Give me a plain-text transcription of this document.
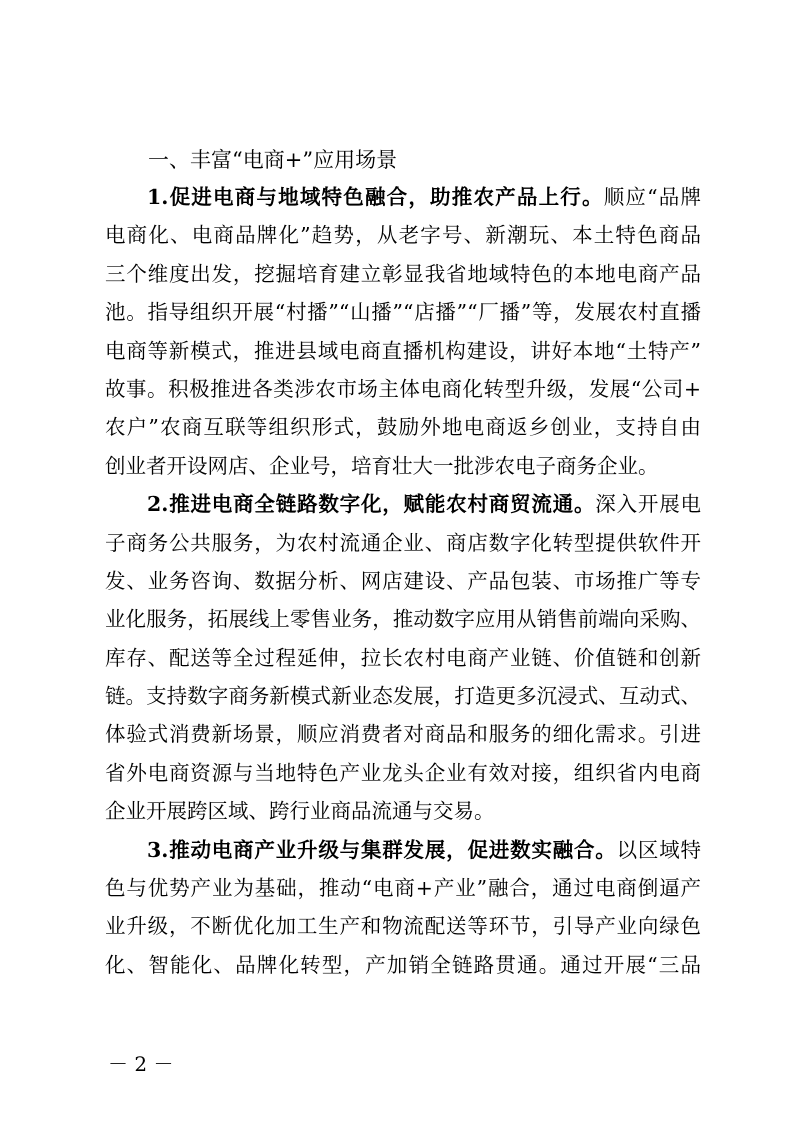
一、丰富“电商+”应用场景
1.促进电商与地域特色融合，助推农产品上行。顺应“品牌
电商化、电商品牌化”趋势，从老字号、新潮玩、本土特色商品
三个维度出发，挖掘培育建立彰显我省地域特色的本地电商产品
池。指导组织开展“村播”“山播”“店播”“厂播”等，发展农村直播
电商等新模式，推进县域电商直播机构建设，讲好本地“土特产”
故事。积极推进各类涉农市场主体电商化转型升级，发展“公司+
农户”农商互联等组织形式，鼓励外地电商返乡创业，支持自由
创业者开设网店、企业号，培育壮大一批涉农电子商务企业。
2.推进电商全链路数字化，赋能农村商贸流通。深入开展电
子商务公共服务，为农村流通企业、商店数字化转型提供软件开
发、业务咨询、数据分析、网店建设、产品包装、市场推广等专
业化服务，拓展线上零售业务，推动数字应用从销售前端向采购、
库存、配送等全过程延伸，拉长农村电商产业链、价值链和创新
链。支持数字商务新模式新业态发展，打造更多沉浸式、互动式、
体验式消费新场景，顺应消费者对商品和服务的细化需求。引进
省外电商资源与当地特色产业龙头企业有效对接，组织省内电商
企业开展跨区域、跨行业商品流通与交易。
3.推动电商产业升级与集群发展，促进数实融合。以区域特
色与优势产业为基础，推动“电商+产业”融合，通过电商倒逼产
业升级，不断优化加工生产和物流配送等环节，引导产业向绿色
化、智能化、品牌化转型，产加销全链路贯通。通过开展“三品
－ 2 －
